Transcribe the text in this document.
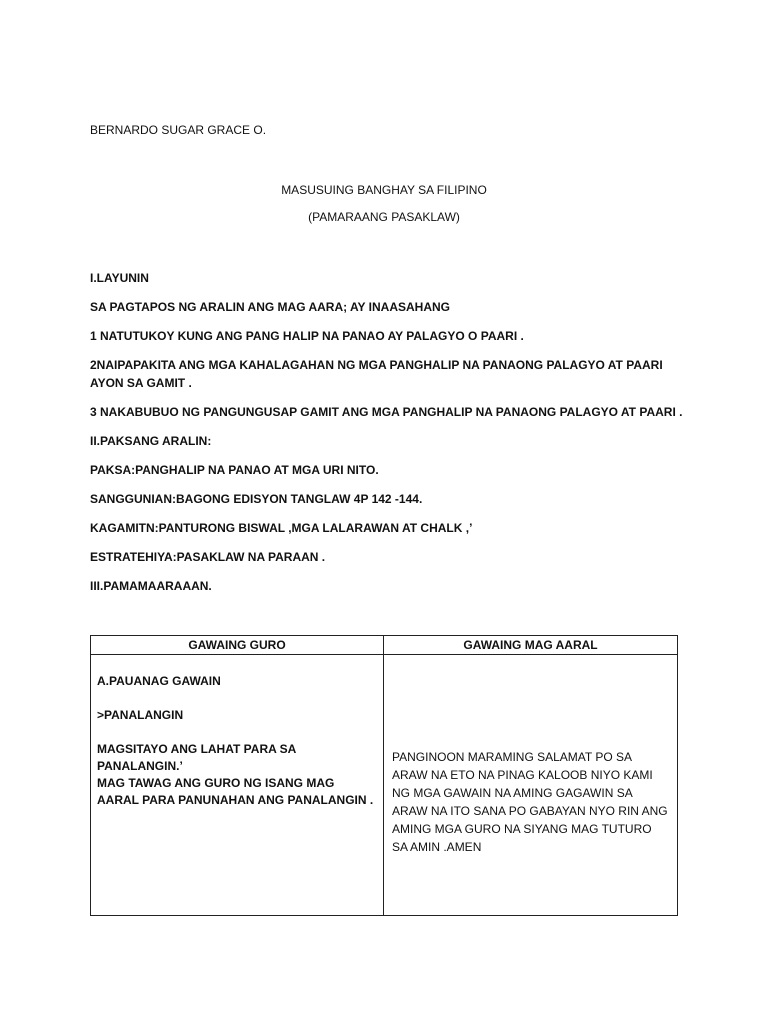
BERNARDO SUGAR GRACE O.
MASUSUING BANGHAY SA FILIPINO
(PAMARAANG PASAKLAW)

I.LAYUNIN

SA PAGTAPOS NG ARALIN ANG MAG AARA; AY INAASAHANG

1 NATUTUKOY KUNG ANG PANG HALIP NA PANAO AY PALAGYO O PAARI .

2NAIPAPAKITA ANG MGA KAHALAGAHAN NG MGA PANGHALIP NA PANAONG PALAGYO AT PAARI AYON SA GAMIT .

3 NAKABUBUO NG PANGUNGUSAP GAMIT ANG MGA PANGHALIP NA PANAONG PALAGYO AT PAARI .

II.PAKSANG ARALIN:

PAKSA:PANGHALIP NA PANAO AT MGA URI NITO.

SANGGUNIAN:BAGONG EDISYON TANGLAW 4P 142 -144.

KAGAMITN:PANTURONG BISWAL ,MGA LALARAWAN AT CHALK ,’

ESTRATEHIYA:PASAKLAW NA PARAAN .

III.PAMAMAARAAAN.

GAWAING GURO	GAWAING MAG AARAL
A.PAUANAG GAWAIN
>PANALANGIN
MAGSITAYO ANG LAHAT PARA SA PANALANGIN.’
MAG TAWAG ANG GURO NG ISANG MAG AARAL PARA PANUNAHAN ANG PANALANGIN .
PANGINOON MARAMING SALAMAT PO SA ARAW NA ETO NA PINAG KALOOB NIYO KAMI NG MGA GAWAIN NA AMING GAGAWIN SA ARAW NA ITO SANA PO GABAYAN NYO RIN ANG AMING MGA GURO NA SIYANG MAG TUTURO SA AMIN .AMEN
